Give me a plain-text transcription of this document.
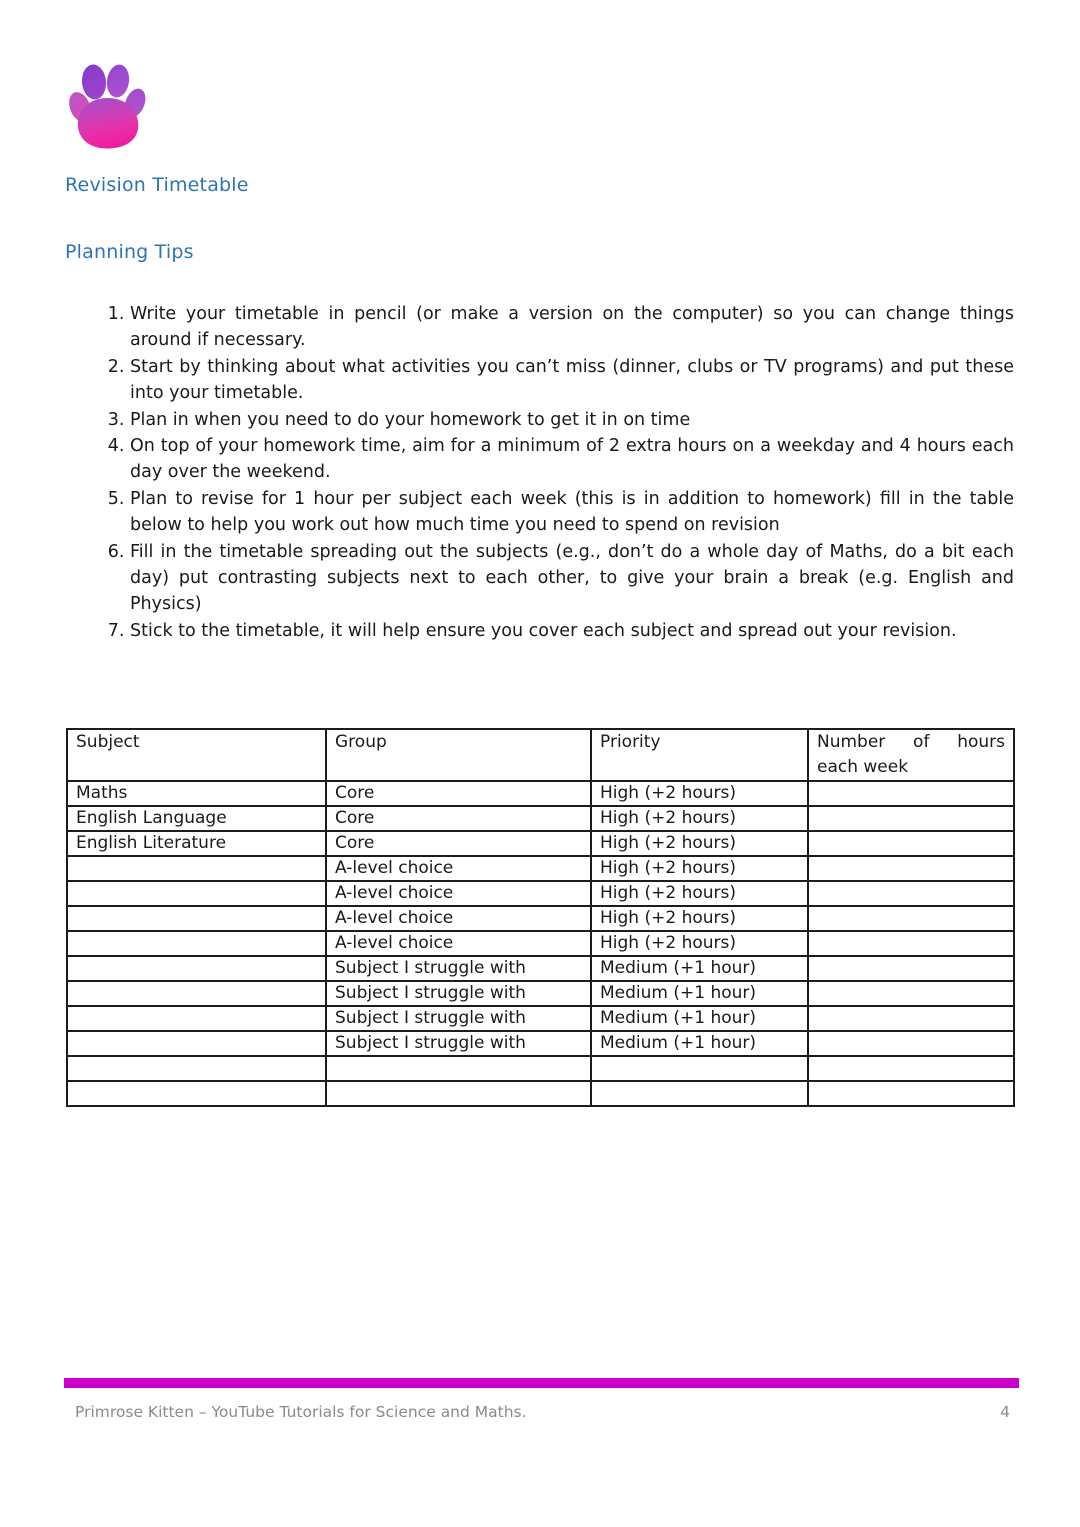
Revision Timetable
Planning Tips
1. Write your timetable in pencil (or make a version on the computer) so you can change things around if necessary.
2. Start by thinking about what activities you can’t miss (dinner, clubs or TV programs) and put these into your timetable.
3. Plan in when you need to do your homework to get it in on time
4. On top of your homework time, aim for a minimum of 2 extra hours on a weekday and 4 hours each day over the weekend.
5. Plan to revise for 1 hour per subject each week (this is in addition to homework) fill in the table below to help you work out how much time you need to spend on revision
6. Fill in the timetable spreading out the subjects (e.g., don’t do a whole day of Maths, do a bit each day) put contrasting subjects next to each other, to give your brain a break (e.g. English and Physics)
7. Stick to the timetable, it will help ensure you cover each subject and spread out your revision.
Subject	Group	Priority	Number of hours each week
Maths	Core	High (+2 hours)	
English Language	Core	High (+2 hours)	
English Literature	Core	High (+2 hours)	
	A-level choice	High (+2 hours)	
	A-level choice	High (+2 hours)	
	A-level choice	High (+2 hours)	
	A-level choice	High (+2 hours)	
	Subject I struggle with	Medium (+1 hour)	
	Subject I struggle with	Medium (+1 hour)	
	Subject I struggle with	Medium (+1 hour)	
	Subject I struggle with	Medium (+1 hour)	

Primrose Kitten – YouTube Tutorials for Science and Maths.	4
